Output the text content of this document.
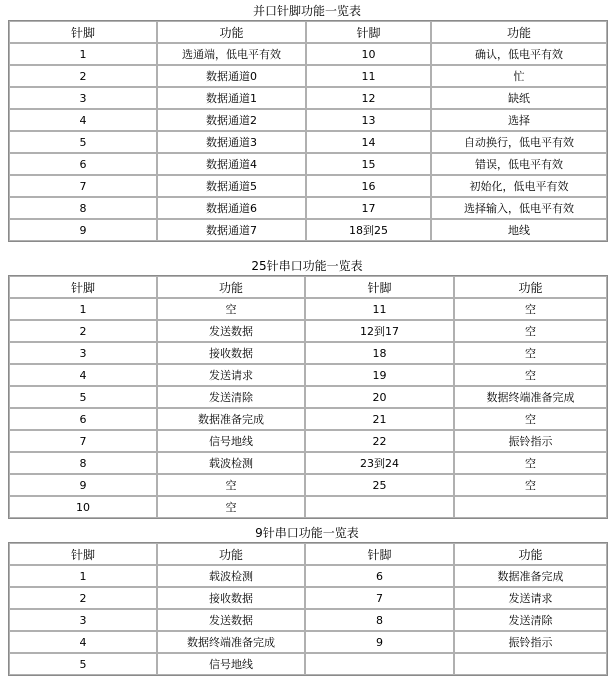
并口针脚功能一览表
针脚	功能	针脚	功能
1	选通端，低电平有效	10	确认，低电平有效
2	数据通道0	11	忙
3	数据通道1	12	缺纸
4	数据通道2	13	选择
5	数据通道3	14	自动换行，低电平有效
6	数据通道4	15	错误，低电平有效
7	数据通道5	16	初始化，低电平有效
8	数据通道6	17	选择输入，低电平有效
9	数据通道7	18到25	地线
25针串口功能一览表
针脚	功能	针脚	功能
1	空	11	空
2	发送数据	12到17	空
3	接收数据	18	空
4	发送请求	19	空
5	发送清除	20	数据终端准备完成
6	数据准备完成	21	空
7	信号地线	22	振铃指示
8	载波检测	23到24	空
9	空	25	空
10	空		
9针串口功能一览表
针脚	功能	针脚	功能
1	载波检测	6	数据准备完成
2	接收数据	7	发送请求
3	发送数据	8	发送清除
4	数据终端准备完成	9	振铃指示
5	信号地线		
